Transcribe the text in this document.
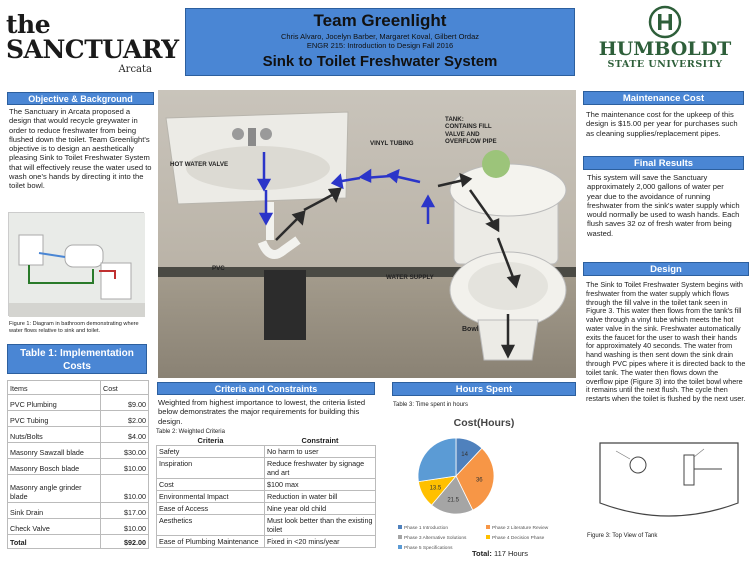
the SANCTUARY
Arcata
Team Greenlight
Chris Alvaro, Jocelyn Barber, Margaret Koval, Gilbert Ordaz
ENGR 215: Introduction to Design Fall 2016
Sink to Toilet Freshwater System
HUMBOLDT
STATE UNIVERSITY
Objective & Background
The Sanctuary in Arcata proposed a design that would recycle greywater in order to reduce freshwater from being flushed down the toilet. Team Greenlight's objective is to design an aesthetically pleasing Sink to Toilet Freshwater System that will effectively reuse the water used to wash one's hands by directing it into the toilet bowl.
Figure 1: Diagram in bathroom demonstrating where water flows relative to sink and toilet.
Table 1: Implementation Costs
Items	Cost
PVC Plumbing	$9.00
PVC Tubing	$2.00
Nuts/Bolts	$4.00
Masonry Sawzall blade	$30.00
Masonry Bosch blade	$10.00
Masonry angle grinder blade	$10.00
Sink Drain	$17.00
Check Valve	$10.00
Total	$92.00
HOT WATER VALVE
VINYL TUBING
TANK:
CONTAINS FILL
VALVE AND
OVERFLOW PIPE
PVC
WATER SUPPLY
Bowl
Criteria and Constraints
Weighted from highest importance to lowest, the criteria listed below demonstrates the major requirements for building this design.
Table 2: Weighted Criteria
Criteria	Constraint
Safety	No harm to user
Inspiration	Reduce freshwater by signage and art
Cost	$100 max
Environmental Impact	Reduction in water bill
Ease of Access	Nine year old child
Aesthetics	Must look better than the existing toilet
Ease of Plumbing Maintenance	Fixed in <20 mins/year
Hours Spent
Table 3: Time spent in hours
Cost(Hours)
14
36
21.5
13.5
Phase 1 Introduction	Phase 2 Literature Review
Phase 3 Alternative Solutions	Phase 4 Decision Phase
Phase 5 Specifications
Total: 117 Hours
Maintenance Cost
The maintenance cost for the upkeep of this design is $15.00 per year for purchases such as cleaning supplies/replacement pipes.
Final Results
This system will save the Sanctuary approximately 2,000 gallons of water per year due to the avoidance of running freshwater from the sink's water supply which would normally be used to wash hands. Each flush saves 32 oz of fresh water from being wasted.
Design
The Sink to Toilet Freshwater System begins with freshwater from the water supply which flows through the fill valve in the toilet tank seen in Figure 3. This water then flows from the tank's fill valve through a vinyl tube which meets the hot water valve in the sink. Freshwater automatically exits the faucet for the user to wash their hands for approximately 40 seconds. The water from hand washing is then sent down the sink drain through PVC pipes where it is directed back to the toilet tank. The water then flows down the overflow pipe (Figure 3) into the toilet bowl where it remains until the next flush. The cycle then restarts when the toilet is flushed by the next user.
Figure 3: Top View of Tank
